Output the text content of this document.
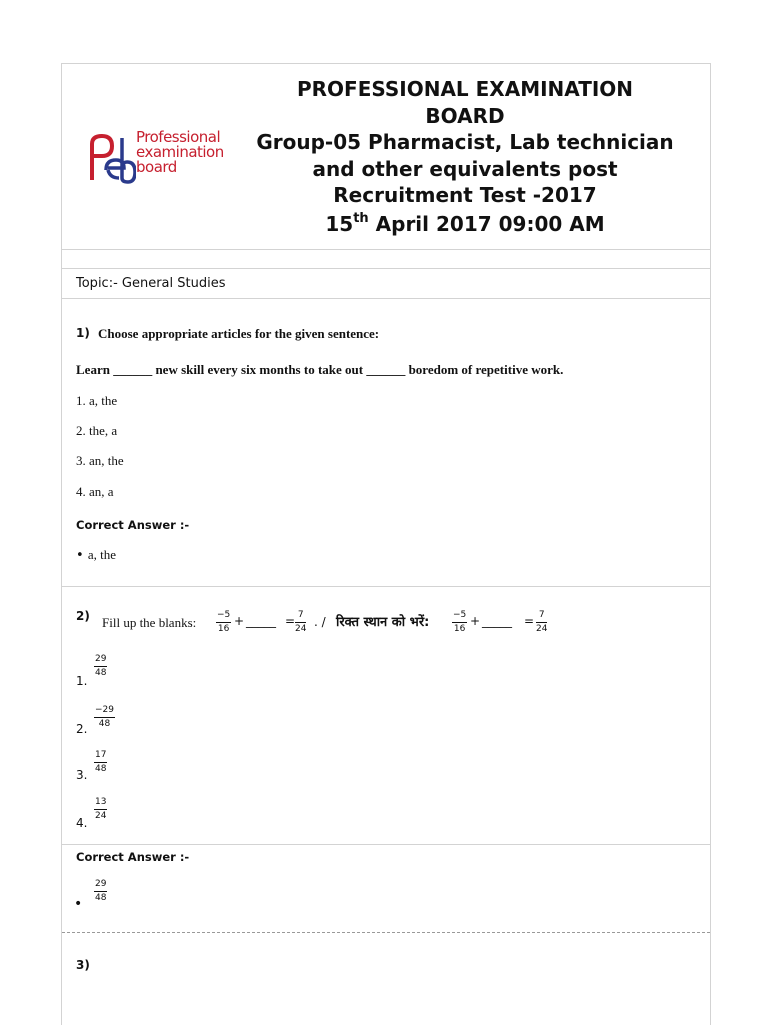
Professional
examination
board
PROFESSIONAL EXAMINATION
BOARD
Group-05 Pharmacist, Lab technician
and other equivalents post
Recruitment Test -2017
15th April 2017 09:00 AM
Topic:- General Studies
1) Choose appropriate articles for the given sentence:
Learn ______ new skill every six months to take out ______ boredom of repetitive work.
1. a, the
2. the, a
3. an, the
4. an, a
Correct Answer :-
• a, the
2) Fill up the blanks: $\frac{-5}{16}$ + _____ = $\frac{7}{24}$ . / रिक्त स्थान को भरें:	$\frac{-5}{16}$ + _____ = $\frac{7}{24}$
1.
$\frac{29}{48}$
2. $\frac{-29}{48}$
3. $\frac{17}{48}$
4.
$\frac{13}{24}$
Correct Answer :-
• $\frac{29}{48}$
3)
